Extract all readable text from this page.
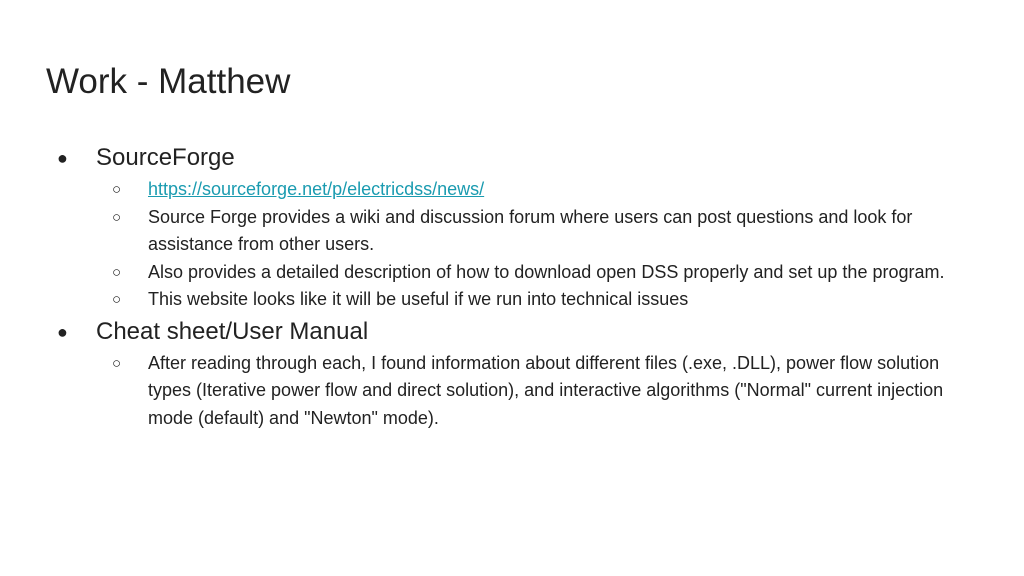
Work - Matthew
● SourceForge
○ https://sourceforge.net/p/electricdss/news/
○ Source Forge provides a wiki and discussion forum where users can post questions and look for assistance from other users.
○ Also provides a detailed description of how to download open DSS properly and set up the program.
○ This website looks like it will be useful if we run into technical issues
● Cheat sheet/User Manual
○ After reading through each, I found information about different files (.exe, .DLL), power flow solution types (Iterative power flow and direct solution), and interactive algorithms ("Normal" current injection mode (default) and "Newton" mode).
